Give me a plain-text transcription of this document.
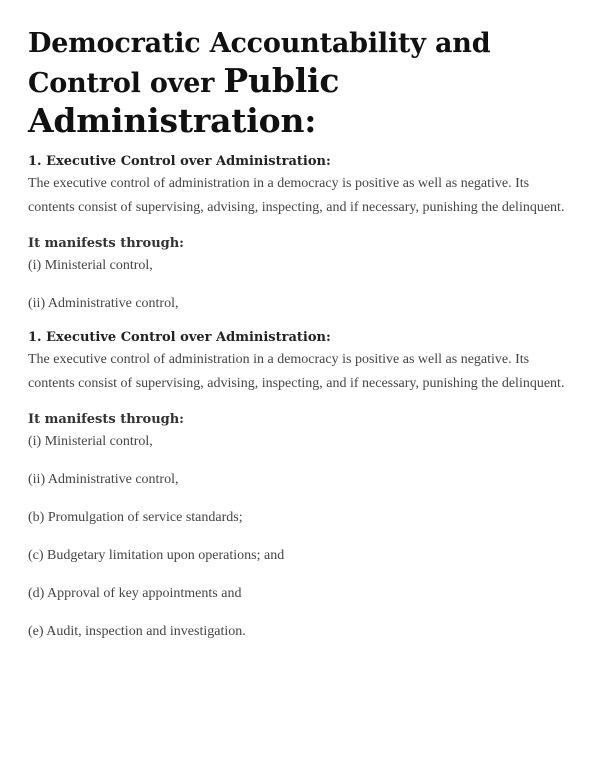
Democratic Accountability and
Control over Public
Administration:

1. Executive Control over Administration:

The executive control of administration in a democracy is positive as well as negative. Its contents consist of supervising, advising, inspecting, and if necessary, punishing the delinquent.

It manifests through:

(i) Ministerial control,

(ii) Administrative control,

1. Executive Control over Administration:

The executive control of administration in a democracy is positive as well as negative. Its contents consist of supervising, advising, inspecting, and if necessary, punishing the delinquent.

It manifests through:

(i) Ministerial control,

(ii) Administrative control,

(b) Promulgation of service standards;

(c) Budgetary limitation upon operations; and

(d) Approval of key appointments and

(e) Audit, inspection and investigation.
